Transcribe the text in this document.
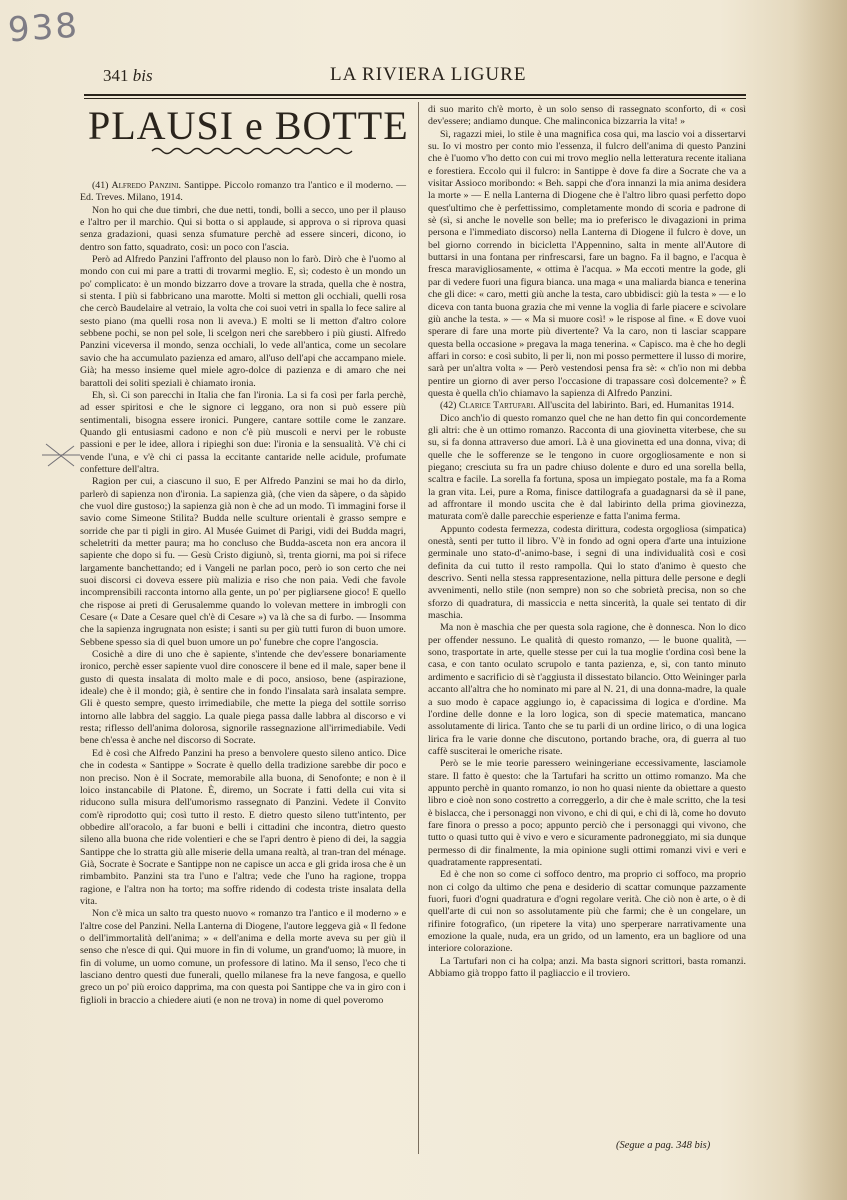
938
341 bis	LA RIVIERA LIGURE
PLAUSI e BOTTE

(41) Alfredo Panzini. Santippe. Piccolo romanzo tra l'antico e il moderno. — Ed. Treves. Milano, 1914.

Non ho qui che due timbri, che due netti, tondi, bolli a secco, uno per il plauso e l'altro per il marchio. Qui si botta o si applaude, si approva o si riprova quasi senza gradazioni, quasi senza sfumature perchè ad essere sinceri, dicono, io dentro son fatto, squadrato, così: un poco con l'ascia.

Però ad Alfredo Panzini l'affronto del plauso non lo farò. Dirò che è l'uomo al mondo con cui mi pare a tratti di trovarmi meglio. E, sì; codesto è un mondo un po' complicato: è un mondo bizzarro dove a trovare la strada, quella che è nostra, si stenta. I più si fabbricano una marotte. Molti si metton gli occhiali, quelli rosa che cercò Baudelaire al vetraio, la volta che coi suoi vetri in spalla lo fece salire al sesto piano (ma quelli rosa non li aveva.) E molti se li metton d'altro colore sebbene pochi, se non pel sole, li scelgon neri che sarebbero i più giusti. Alfredo Panzini viceversa il mondo, senza occhiali, lo vede all'antica, come un secolare savio che ha accumulato pazienza ed amaro, all'uso dell'api che accampano miele. Già; ha messo insieme quel miele agro-dolce di pazienza e di amaro che nei barattoli dei soliti speziali è chiamato ironia.

Eh, sì. Ci son parecchi in Italia che fan l'ironia. La si fa così per farla perchè, ad esser spiritosi e che le signore ci leggano, ora non si può essere più sentimentali, bisogna essere ironici. Pungere, cantare sottile come le zanzare. Quando gli entusiasmi cadono e non c'è più muscoli e nervi per le robuste passioni e per le idee, allora i ripieghi son due: l'ironia e la sensualità. V'è chi ci vende l'una, e v'è chi ci passa la eccitante cantaride nelle acidule, profumate confetture dell'altra.

Ragion per cui, a ciascuno il suo, E per Alfredo Panzini se mai ho da dirlo, parlerò di sapienza non d'ironia. La sapienza già, (che vien da sàpere, o da sàpido che vuol dire gustoso;) la sapienza già non è che ad un modo. Ti immagini forse il savio come Simeone Stilita? Budda nelle sculture orientali è grasso sempre e sorride che par ti pigli in giro. Al Musée Guimet di Parigi, vidi dei Budda magri, scheletriti da metter paura; ma ho concluso che Budda-asceta non era ancora il sapiente che dopo si fu. — Gesù Cristo digiunò, sì, trenta giorni, ma poi si rifece largamente banchettando; ed i Vangeli ne parlan poco, però io son certo che nei suoi discorsi ci doveva essere più malizia e riso che non paia. Vedi che favole incomprensibili racconta intorno alla gente, un po' per pigliarsene gioco! E quello che rispose ai preti di Gerusalemme quando lo volevan mettere in imbrogli con Cesare (« Date a Cesare quel ch'è di Cesare ») va là che sa di furbo. — Insomma che la sapienza ingrugnata non esiste; i santi su per giù tutti furon di buon umore. Sebbene spesso sia di quel buon umore un po' funebre che copre l'angoscia.

Cosichè a dire di uno che è sapiente, s'intende che dev'essere bonariamente ironico, perchè esser sapiente vuol dire conoscere il bene ed il male, saper bene il gusto di questa insalata di molto male e di poco, ansioso, bene (aspirazione, ideale) che è il mondo; già, è sentire che in fondo l'insalata sarà insalata sempre. Gli è questo sempre, questo irrimediabile, che mette la piega del sottile sorriso intorno alle labbra del saggio. La quale piega passa dalle labbra al discorso e vi resta; riflesso dell'anima dolorosa, signorile rassegnazione all'irrimediabile. Vedi bene ch'essa è anche nel discorso di Socrate.

Ed è così che Alfredo Panzini ha preso a benvolere questo sileno antico. Dice che in codesta « Santippe » Socrate è quello della tradizione sarebbe dir poco e non preciso. Non è il Socrate, memorabile alla buona, di Senofonte; e non è il loico instancabile di Platone. È, diremo, un Socrate i fatti della cui vita si riducono sulla misura dell'umorismo rassegnato di Panzini. Vedete il Convito com'è riprodotto qui; così tutto il resto. E dietro questo sileno tutt'intento, per obbedire all'oracolo, a far buoni e belli i cittadini che incontra, dietro questo sileno alla buona che ride volentieri e che se l'apri dentro è pieno di dei, la saggia Santippe che lo stratta giù alle miserie della umana realtà, al tran-tran del ménage. Già, Socrate è Socrate e Santippe non ne capisce un acca e gli grida irosa che è un rimbambito. Panzini sta tra l'uno e l'altra; vede che l'uno ha ragione, troppa ragione, e l'altra non ha torto; ma soffre ridendo di codesta triste insalata della vita.

Non c'è mica un salto tra questo nuovo « romanzo tra l'antico e il moderno » e l'altre cose del Panzini. Nella Lanterna di Diogene, l'autore leggeva già « Il fedone o dell'immortalità dell'anima; » « dell'anima e della morte aveva su per giù il senso che n'esce di qui. Qui muore in fin di volume, un grand'uomo; là muore, in fin di volume, un uomo comune, un professore di latino. Ma il senso, l'eco che ti lasciano dentro questi due funerali, quello milanese fra la neve fangosa, e quello greco un po' più eroico dapprima, ma con questa poi Santippe che va in giro con i figlioli in braccio a chiedere aiuti (e non ne trova) in nome di quel poveromo

di suo marito ch'è morto, è un solo senso di rassegnato sconforto, di « così dev'essere; andiamo dunque. Che malinconica bizzarria la vita! »

Sì, ragazzi miei, lo stile è una magnifica cosa qui, ma lascio voi a dissertarvi su. Io vi mostro per conto mio l'essenza, il fulcro dell'anima di questo Panzini che è l'uomo v'ho detto con cui mi trovo meglio nella letteratura recente italiana e forestiera. Eccolo qui il fulcro: in Santippe è dove fa dire a Socrate che va a visitar Assioco moribondo: « Beh. sappi che d'ora innanzi la mia anima desidera la morte » — E nella Lanterna di Diogene che è l'altro libro quasi perfetto dopo quest'ultimo che è perfettissimo, completamente mondo di scoria e padrone di sè (sì, si anche le novelle son belle; ma io preferisco le divagazioni in prima persona e l'immediato discorso) nella Lanterna di Diogene il fulcro è dove, un bel giorno correndo in bicicletta l'Appennino, salta in mente all'Autore di buttarsi in una fontana per rinfrescarsi, fare un bagno. Fa il bagno, e l'acqua è fresca maravigliosamente, « ottima è l'acqua. » Ma eccoti mentre la gode, gli par di vedere fuori una figura bianca. una maga « una maliarda bianca e tenerina che gli dice: « caro, metti giù anche la testa, caro ubbidisci: giù la testa » — e lo diceva con tanta buona grazia che mi venne la voglia di farle piacere e scivolare giù anche la testa. » — « Ma si muore così! » le rispose al fine. « E dove vuoi sperare di fare una morte più divertente? Va la caro, non ti lasciar scappare questa bella occasione » pregava la maga tenerina. « Capisco. ma è che ho degli affari in corso: e così subito, li per li, non mi posso permettere il lusso di morire, sarà per un'altra volta » — Però vestendosi pensa fra sè: « ch'io non mi debba pentire un giorno di aver perso l'occasione di trapassare così dolcemente? » È questa è quella ch'io chiamavo la sapienza di Alfredo Panzini.

(42) Clarice Tartufari. All'uscita del labirinto. Bari, ed. Humanitas 1914.

Dico anch'io di questo romanzo quel che ne han detto fin qui concordemente gli altri: che è un ottimo romanzo. Racconta di una giovinetta viterbese, che su su, si fa donna attraverso due amori. Là è una giovinetta ed una donna, viva; di quelle che le sofferenze se le tengono in cuore orgogliosamente e non si piegano; cresciuta su fra un padre chiuso dolente e duro ed una sorella bella, scaltra e facile. La sorella fa fortuna, sposa un impiegato postale, ma fa a Roma la gran vita. Lei, pure a Roma, finisce dattilografa a guadagnarsi da sè il pane, ad affrontare il mondo uscita che è dal labirinto della prima giovinezza, maturata com'è dalle parecchie esperienze e fatta l'anima ferma.

Appunto codesta fermezza, codesta dirittura, codesta orgogliosa (simpatica) onestà, senti per tutto il libro. V'è in fondo ad ogni opera d'arte una intuizione germinale uno stato-d'-animo-base, i segni di una individualità così e così definita da cui tutto il resto rampolla. Qui lo stato d'animo è questo che descrivo. Senti nella stessa rappresentazione, nella pittura delle persone e degli avvenimenti, nello stile (non sempre) non so che sobrietà precisa, non so che sforzo di quadratura, di massiccia e netta sincerità, la quale sei tentato di dir maschia.

Ma non è maschia che per questa sola ragione, che è donnesca. Non lo dico per offender nessuno. Le qualità di questo romanzo, — le buone qualità, — sono, trasportate in arte, quelle stesse per cui la tua moglie t'ordina così bene la casa, e con tanto oculato scrupolo e tanta pazienza, e, sì, con tanto minuto ardimento e sacrificio di sè t'aggiusta il dissestato bilancio. Otto Weininger parla accanto all'altra che ho nominato mi pare al N. 21, di una donna-madre, la quale a suo modo è capace aggiungo io, è capacissima di logica e d'ordine. Ma l'ordine delle donne e la loro logica, son di specie matematica, mancano assolutamente di lirica. Tanto che se tu parli di un ordine lirico, o di una logica lirica fra le varie donne che discutono, portando brache, ora, di guerra al tuo caffè susciterai le omeriche risate.

Però se le mie teorie paressero weiningeriane eccessivamente, lasciamole stare. Il fatto è questo: che la Tartufari ha scritto un ottimo romanzo. Ma che appunto perchè in quanto romanzo, io non ho quasi niente da obiettare a questo libro e cioè non sono costretto a correggerlo, a dir che è male scritto, che la tesi è bislacca, che i personaggi non vivono, e chi di qui, e chi di là, come ho dovuto fare finora o presso a poco; appunto perciò che i personaggi qui vivono, che tutto o quasi tutto qui è vivo e vero e sicuramente padroneggiato, mi sia dunque permesso di dir finalmente, la mia opinione sugli ottimi romanzi vivi e veri e quadratamente rappresentati.

Ed è che non so come ci soffoco dentro, ma proprio ci soffoco, ma proprio non ci colgo da ultimo che pena e desiderio di scattar comunque pazzamente fuori, fuori d'ogni quadratura e d'ogni regolare verità. Che ciò non è arte, o è di quell'arte di cui non so assolutamente più che farmi; che è un congelare, un rifinire fotografico, (un ripetere la vita) uno sperperare narrativamente una emozione la quale, nuda, era un grido, od un lamento, era un bagliore od una interiore colorazione.

La Tartufari non ci ha colpa; anzi. Ma basta signori scrittori, basta romanzi. Abbiamo già troppo fatto il pagliaccio e il troviero.

(Segue a pag. 348 bis)
